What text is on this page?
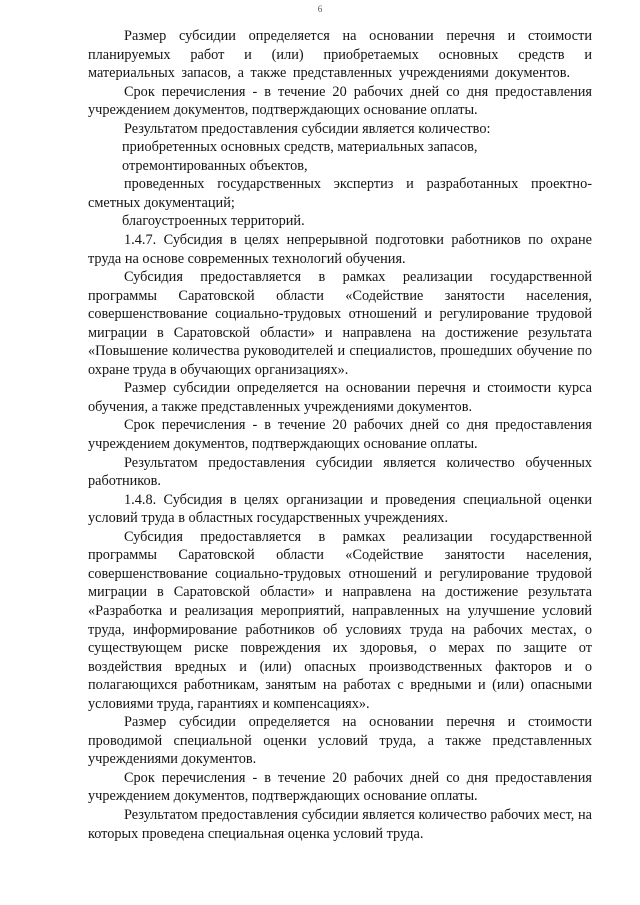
6

Размер субсидии определяется на основании перечня и стоимости планируемых работ и (или) приобретаемых основных средств и материальных запасов, а также представленных учреждениями документов.

Срок перечисления - в течение 20 рабочих дней со дня предоставления учреждением документов, подтверждающих основание оплаты.

Результатом предоставления субсидии является количество:

приобретенных основных средств, материальных запасов,

отремонтированных объектов,

проведенных государственных экспертиз и разработанных проектно-сметных документаций;

благоустроенных территорий.

1.4.7. Субсидия в целях непрерывной подготовки работников по охране труда на основе современных технологий обучения.

Субсидия предоставляется в рамках реализации государственной программы Саратовской области «Содействие занятости населения, совершенствование социально-трудовых отношений и регулирование трудовой миграции в Саратовской области» и направлена на достижение результата «Повышение количества руководителей и специалистов, прошедших обучение по охране труда в обучающих организациях».

Размер субсидии определяется на основании перечня и стоимости курса обучения, а также представленных учреждениями документов.

Срок перечисления - в течение 20 рабочих дней со дня предоставления учреждением документов, подтверждающих основание оплаты.

Результатом предоставления субсидии является количество обученных работников.

1.4.8. Субсидия в целях организации и проведения специальной оценки условий труда в областных государственных учреждениях.

Субсидия предоставляется в рамках реализации государственной программы Саратовской области «Содействие занятости населения, совершенствование социально-трудовых отношений и регулирование трудовой миграции в Саратовской области» и направлена на достижение результата «Разработка и реализация мероприятий, направленных на улучшение условий труда, информирование работников об условиях труда на рабочих местах, о существующем риске повреждения их здоровья, о мерах по защите от воздействия вредных и (или) опасных производственных факторов и о полагающихся работникам, занятым на работах с вредными и (или) опасными условиями труда, гарантиях и компенсациях».

Размер субсидии определяется на основании перечня и стоимости проводимой специальной оценки условий труда, а также представленных учреждениями документов.

Срок перечисления - в течение 20 рабочих дней со дня предоставления учреждением документов, подтверждающих основание оплаты.

Результатом предоставления субсидии является количество рабочих мест, на которых проведена специальная оценка условий труда.
